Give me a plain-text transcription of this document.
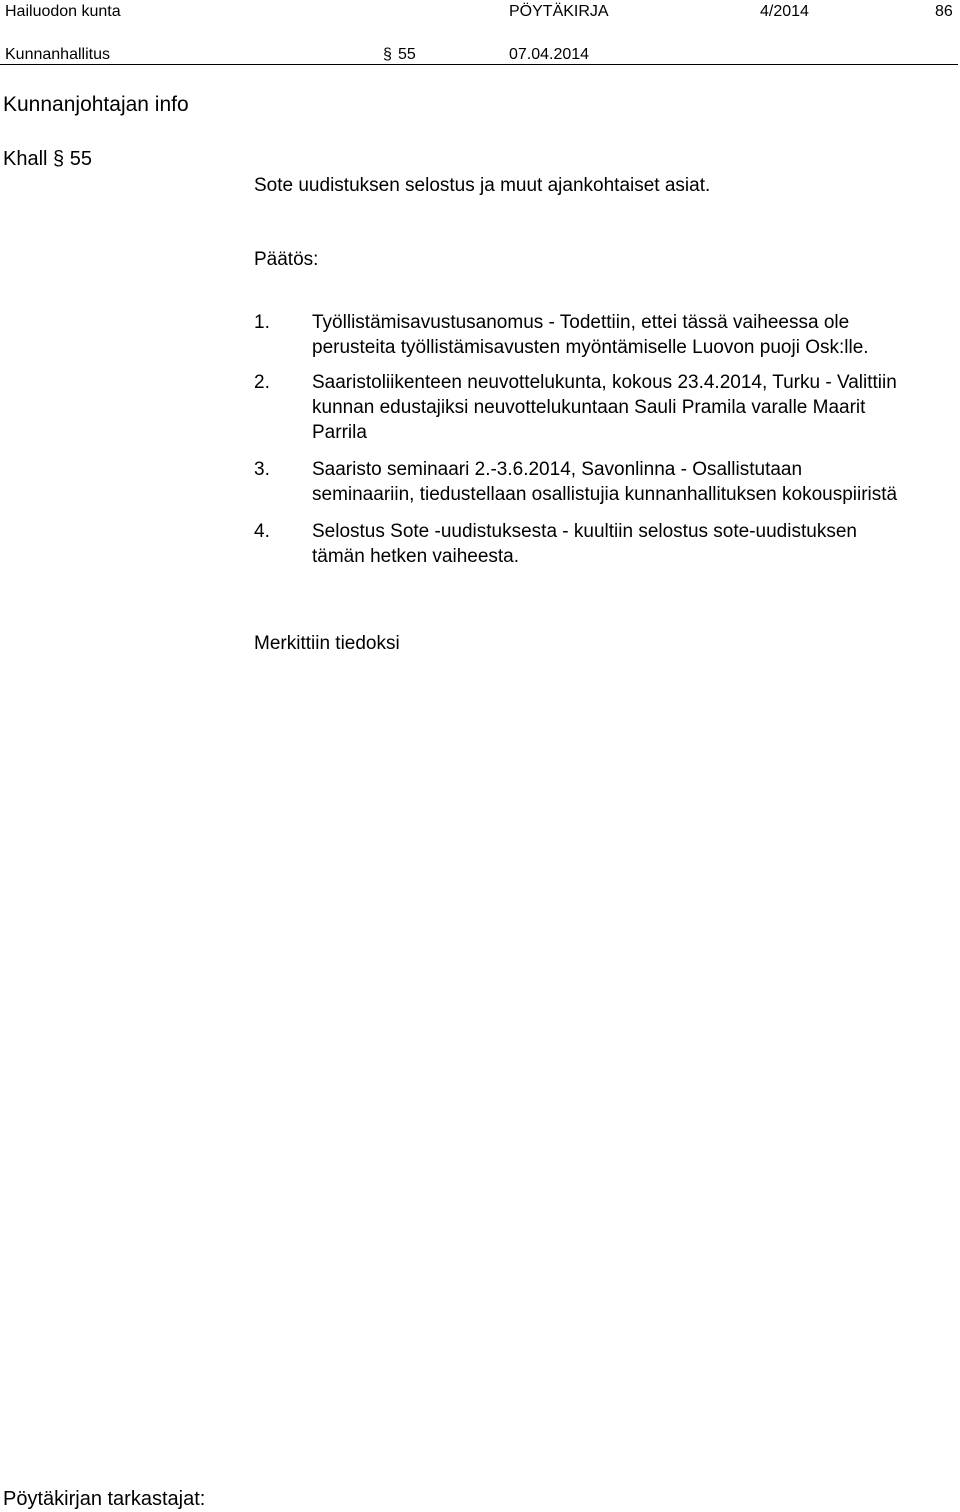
Hailuodon kunta	PÖYTÄKIRJA	4/2014	86
Kunnanhallitus	§ 55	07.04.2014
Kunnanjohtajan info
Khall § 55
Sote uudistuksen selostus ja muut ajankohtaiset asiat.
Päätös:
1. Työllistämisavustusanomus - Todettiin, ettei tässä vaiheessa ole
perusteita työllistämisavusten myöntämiselle Luovon puoji Osk:lle.
2. Saaristoliikenteen neuvottelukunta, kokous 23.4.2014, Turku - Valittiin
kunnan edustajiksi neuvottelukuntaan Sauli Pramila varalle Maarit
Parrila
3. Saaristo seminaari 2.-3.6.2014, Savonlinna - Osallistutaan
seminaariin, tiedustellaan osallistujia kunnanhallituksen kokouspiiristä
4. Selostus Sote -uudistuksesta - kuultiin selostus sote-uudistuksen
tämän hetken vaiheesta.
Merkittiin tiedoksi
Pöytäkirjan tarkastajat:
